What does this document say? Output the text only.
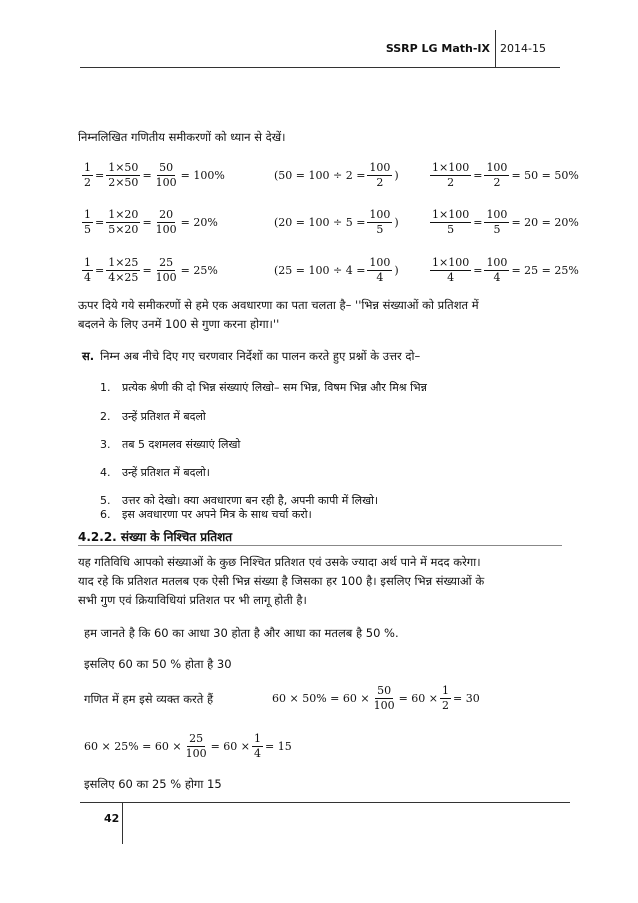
SSRP LG Math-IX 2014-15
निम्नलिखित गणितीय समीकरणों को ध्यान से देखें।
$\frac{1}{2} = \frac{1\times 50}{2\times 50} = \frac{50}{100} = 100\%$	($50 = 100 \div 2 = \frac{100}{2}$ )	$\frac{1\times 100}{2} = \frac{100}{2} = 50 = 50\%$
$\frac{1}{5} = \frac{1\times 20}{5\times 20} = \frac{20}{100} = 20\%$	($20 = 100 \div 5 = \frac{100}{5}$ )	$\frac{1\times 100}{5} = \frac{100}{5} = 20 = 20\%$
$\frac{1}{4} = \frac{1\times 25}{4\times 25} = \frac{25}{100} = 25\%$	($25 = 100 \div 4 = \frac{100}{4}$ )	$\frac{1\times 100}{4} = \frac{100}{4} = 25 = 25\%$
ऊपर दिये गये समीकरणों से हमे एक अवधारणा का पता चलता है– ''भिन्न संख्याओं को प्रतिशत में
बदलने के लिए उनमें 100 से गुणा करना होगा।''
स. निम्न अब नीचे दिए गए चरणवार निर्देशों का पालन करते हुए प्रश्नों के उत्तर दो–
1. प्रत्येक श्रेणी की दो भिन्न संख्याएं लिखो– सम भिन्न, विषम भिन्न और मिश्र भिन्न
2. उन्हें प्रतिशत में बदलो
3. तब 5 दशमलव संख्याएं लिखो
4. उन्हें प्रतिशत में बदलो।
5. उत्तर को देखो। क्या अवधारणा बन रही है, अपनी कापी में लिखो।
6. इस अवधारणा पर अपने मित्र के साथ चर्चा करो।
4.2.2. संख्या के निश्चित प्रतिशत
यह गतिविधि आपको संख्याओं के कुछ निश्चित प्रतिशत एवं उसके ज्यादा अर्थ पाने में मदद करेगा।
याद रहे कि प्रतिशत मतलब एक ऐसी भिन्न संख्या है जिसका हर 100 है। इसलिए भिन्न संख्याओं के
सभी गुण एवं क्रियाविधियां प्रतिशत पर भी लागू होती है।
हम जानते है कि 60 का आधा 30 होता है और आधा का मतलब है 50 %.
इसलिए 60 का 50 % होता है 30
गणित में हम इसे व्यक्त करते हैं	$60 \times 50\% = 60 \times \frac{50}{100} = 60 \times \frac{1}{2} = 30$
$60 \times 25\% = 60 \times \frac{25}{100} = 60 \times \frac{1}{4} = 15$
इसलिए 60 का 25 % होगा 15
42
